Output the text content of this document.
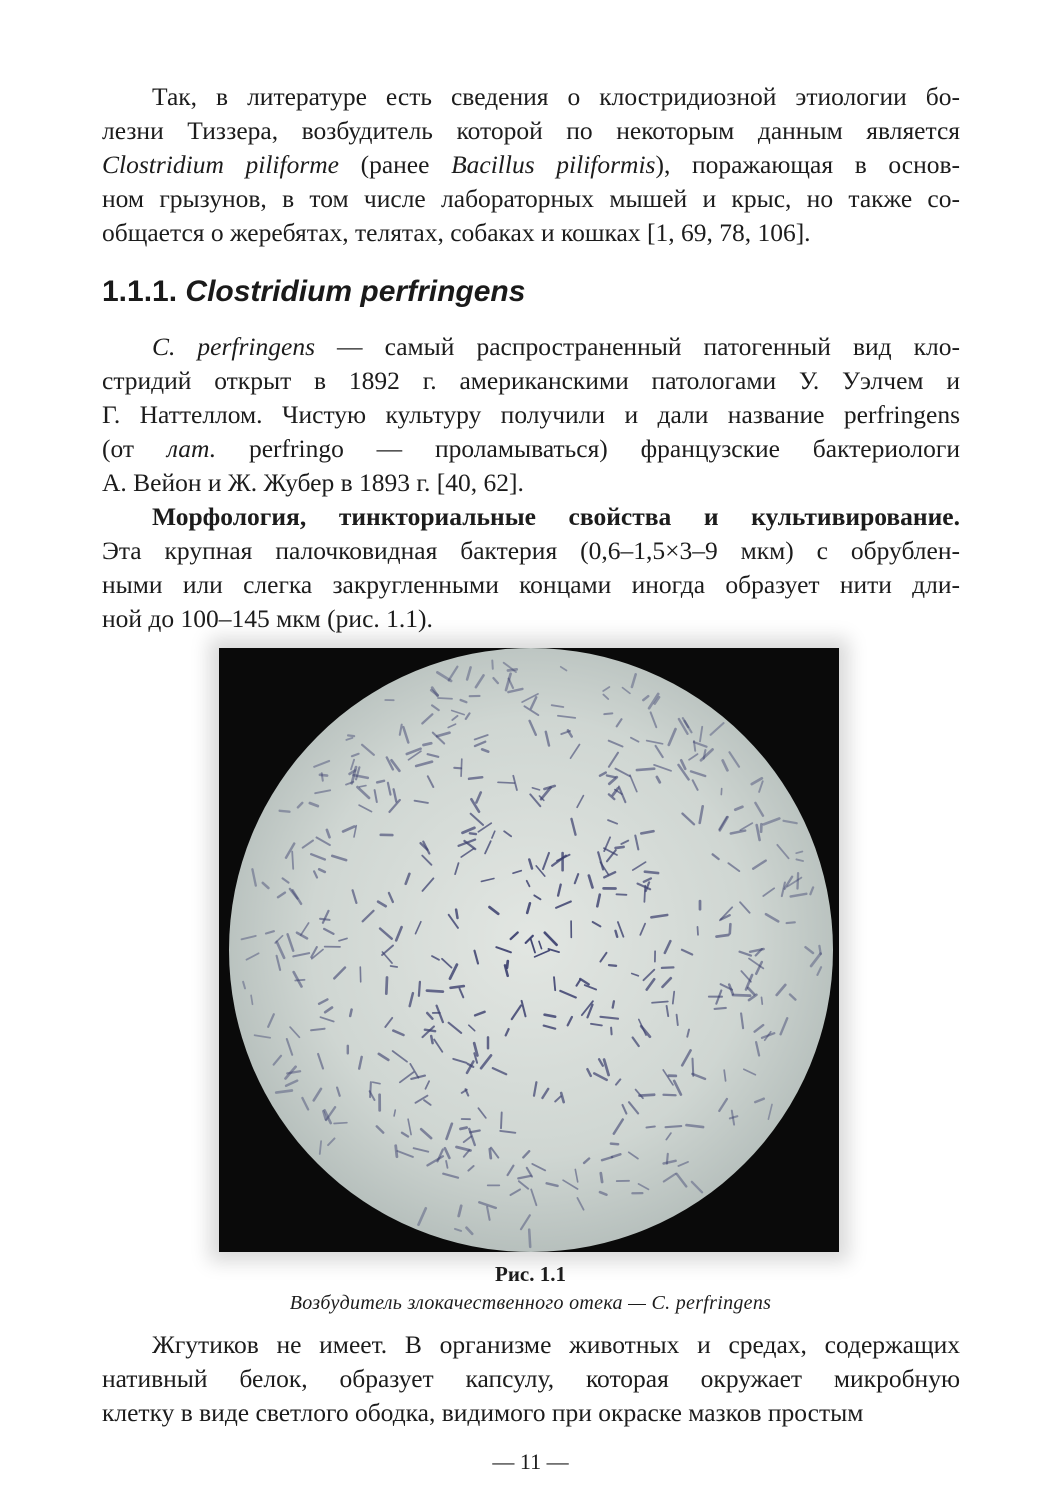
Так, в литературе есть сведения о клостридиозной этиологии бо-
лезни Тиззера, возбудитель которой по некоторым данным является
Clostridium piliforme (ранее Bacillus piliformis), поражающая в основ-
ном грызунов, в том числе лабораторных мышей и крыс, но также со-
общается о жеребятах, телятах, собаках и кошках [1, 69, 78, 106].

1.1.1. Clostridium perfringens

C. perfringens — самый распространенный патогенный вид кло-
стридий открыт в 1892 г. американскими патологами У. Уэлчем и
Г. Наттеллом. Чистую культуру получили и дали название perfringens
(от лат. perfringo — проламываться) французские бактериологи
А. Вейон и Ж. Жубер в 1893 г. [40, 62].

Морфология, тинкториальные свойства и культивирование.
Эта крупная палочковидная бактерия (0,6–1,5×3–9 мкм) с обрублен-
ными или слегка закругленными концами иногда образует нити дли-
ной до 100–145 мкм (рис. 1.1).

Рис. 1.1

Возбудитель злокачественного отека — C. perfringens

Жгутиков не имеет. В организме животных и средах, содержащих
нативный белок, образует капсулу, которая окружает микробную
клетку в виде светлого ободка, видимого при окраске мазков простым

— 11 —
